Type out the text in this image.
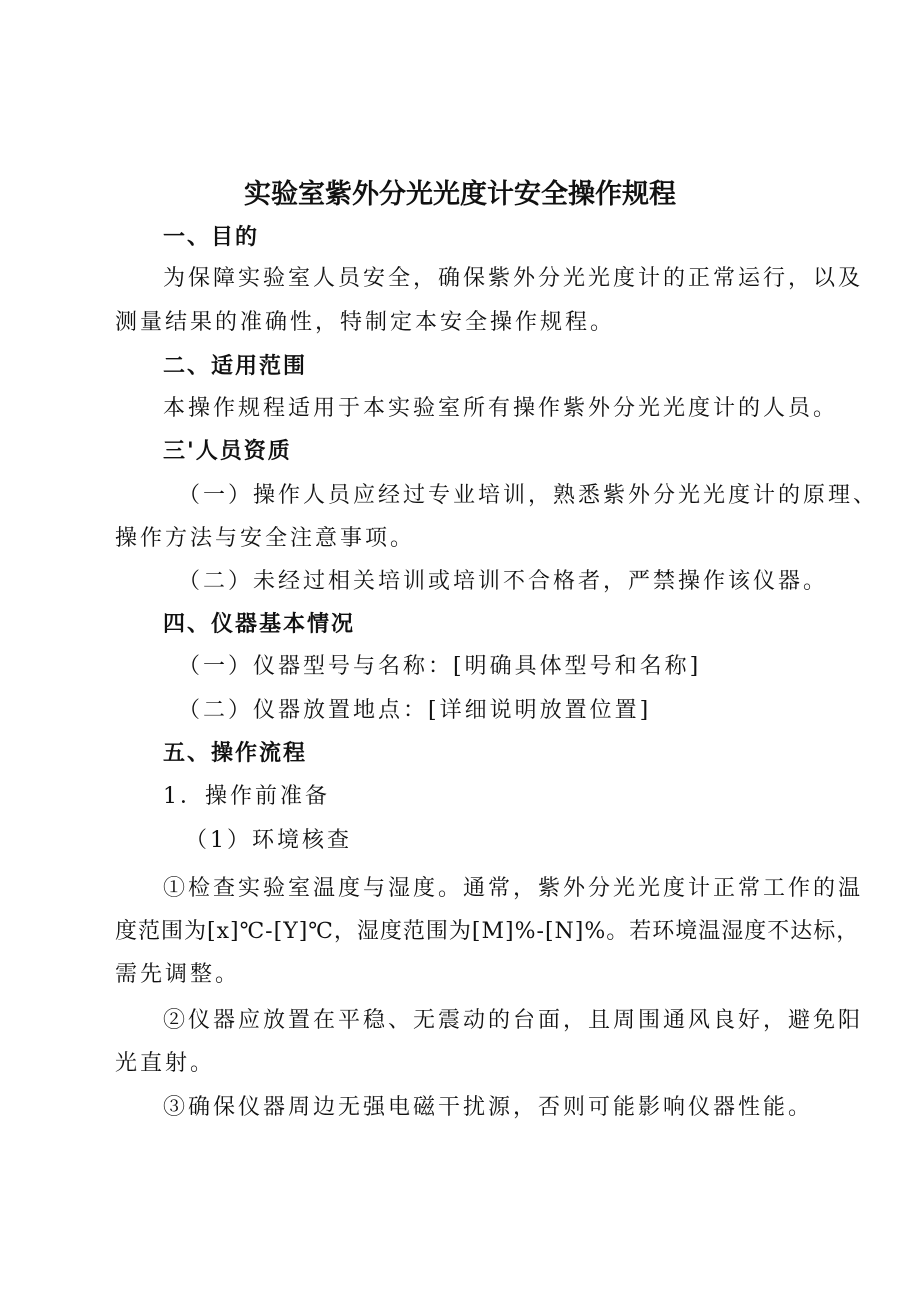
实验室紫外分光光度计安全操作规程
一、目的
为保障实验室人员安全，确保紫外分光光度计的正常运行，以及
测量结果的准确性，特制定本安全操作规程。
二、适用范围
本操作规程适用于本实验室所有操作紫外分光光度计的人员。
三'人员资质
（一）操作人员应经过专业培训，熟悉紫外分光光度计的原理、
操作方法与安全注意事项。
（二）未经过相关培训或培训不合格者，严禁操作该仪器。
四、仪器基本情况
（一）仪器型号与名称：[明确具体型号和名称]
（二）仪器放置地点：[详细说明放置位置]
五、操作流程
1．操作前准备
（1）环境核查
①检查实验室温度与湿度。通常，紫外分光光度计正常工作的温
度范围为[x]℃-[Y]℃，湿度范围为[M]%-[N]%。若环境温湿度不达标，
需先调整。
②仪器应放置在平稳、无震动的台面，且周围通风良好，避免阳
光直射。
③确保仪器周边无强电磁干扰源，否则可能影响仪器性能。
